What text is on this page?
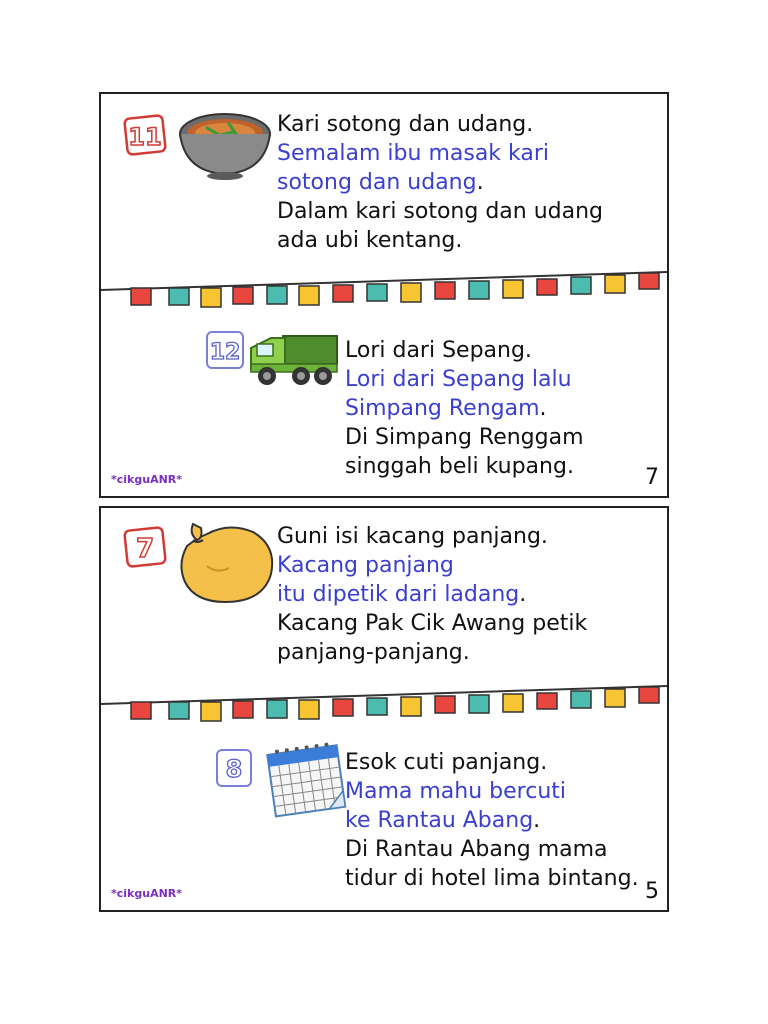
11	Kari sotong dan udang.
Semalam ibu masak kari
sotong dan udang.
Dalam kari sotong dan udang
ada ubi kentang.
12	Lori dari Sepang.
Lori dari Sepang lalu
Simpang Rengam.
Di Simpang Renggam
singgah beli kupang.
*cikguANR*	7
7	Guni isi kacang panjang.
Kacang panjang
itu dipetik dari ladang.
Kacang Pak Cik Awang petik
panjang-panjang.
8	Esok cuti panjang.
Mama mahu bercuti
ke Rantau Abang.
Di Rantau Abang mama
tidur di hotel lima bintang.
*cikguANR*	5
